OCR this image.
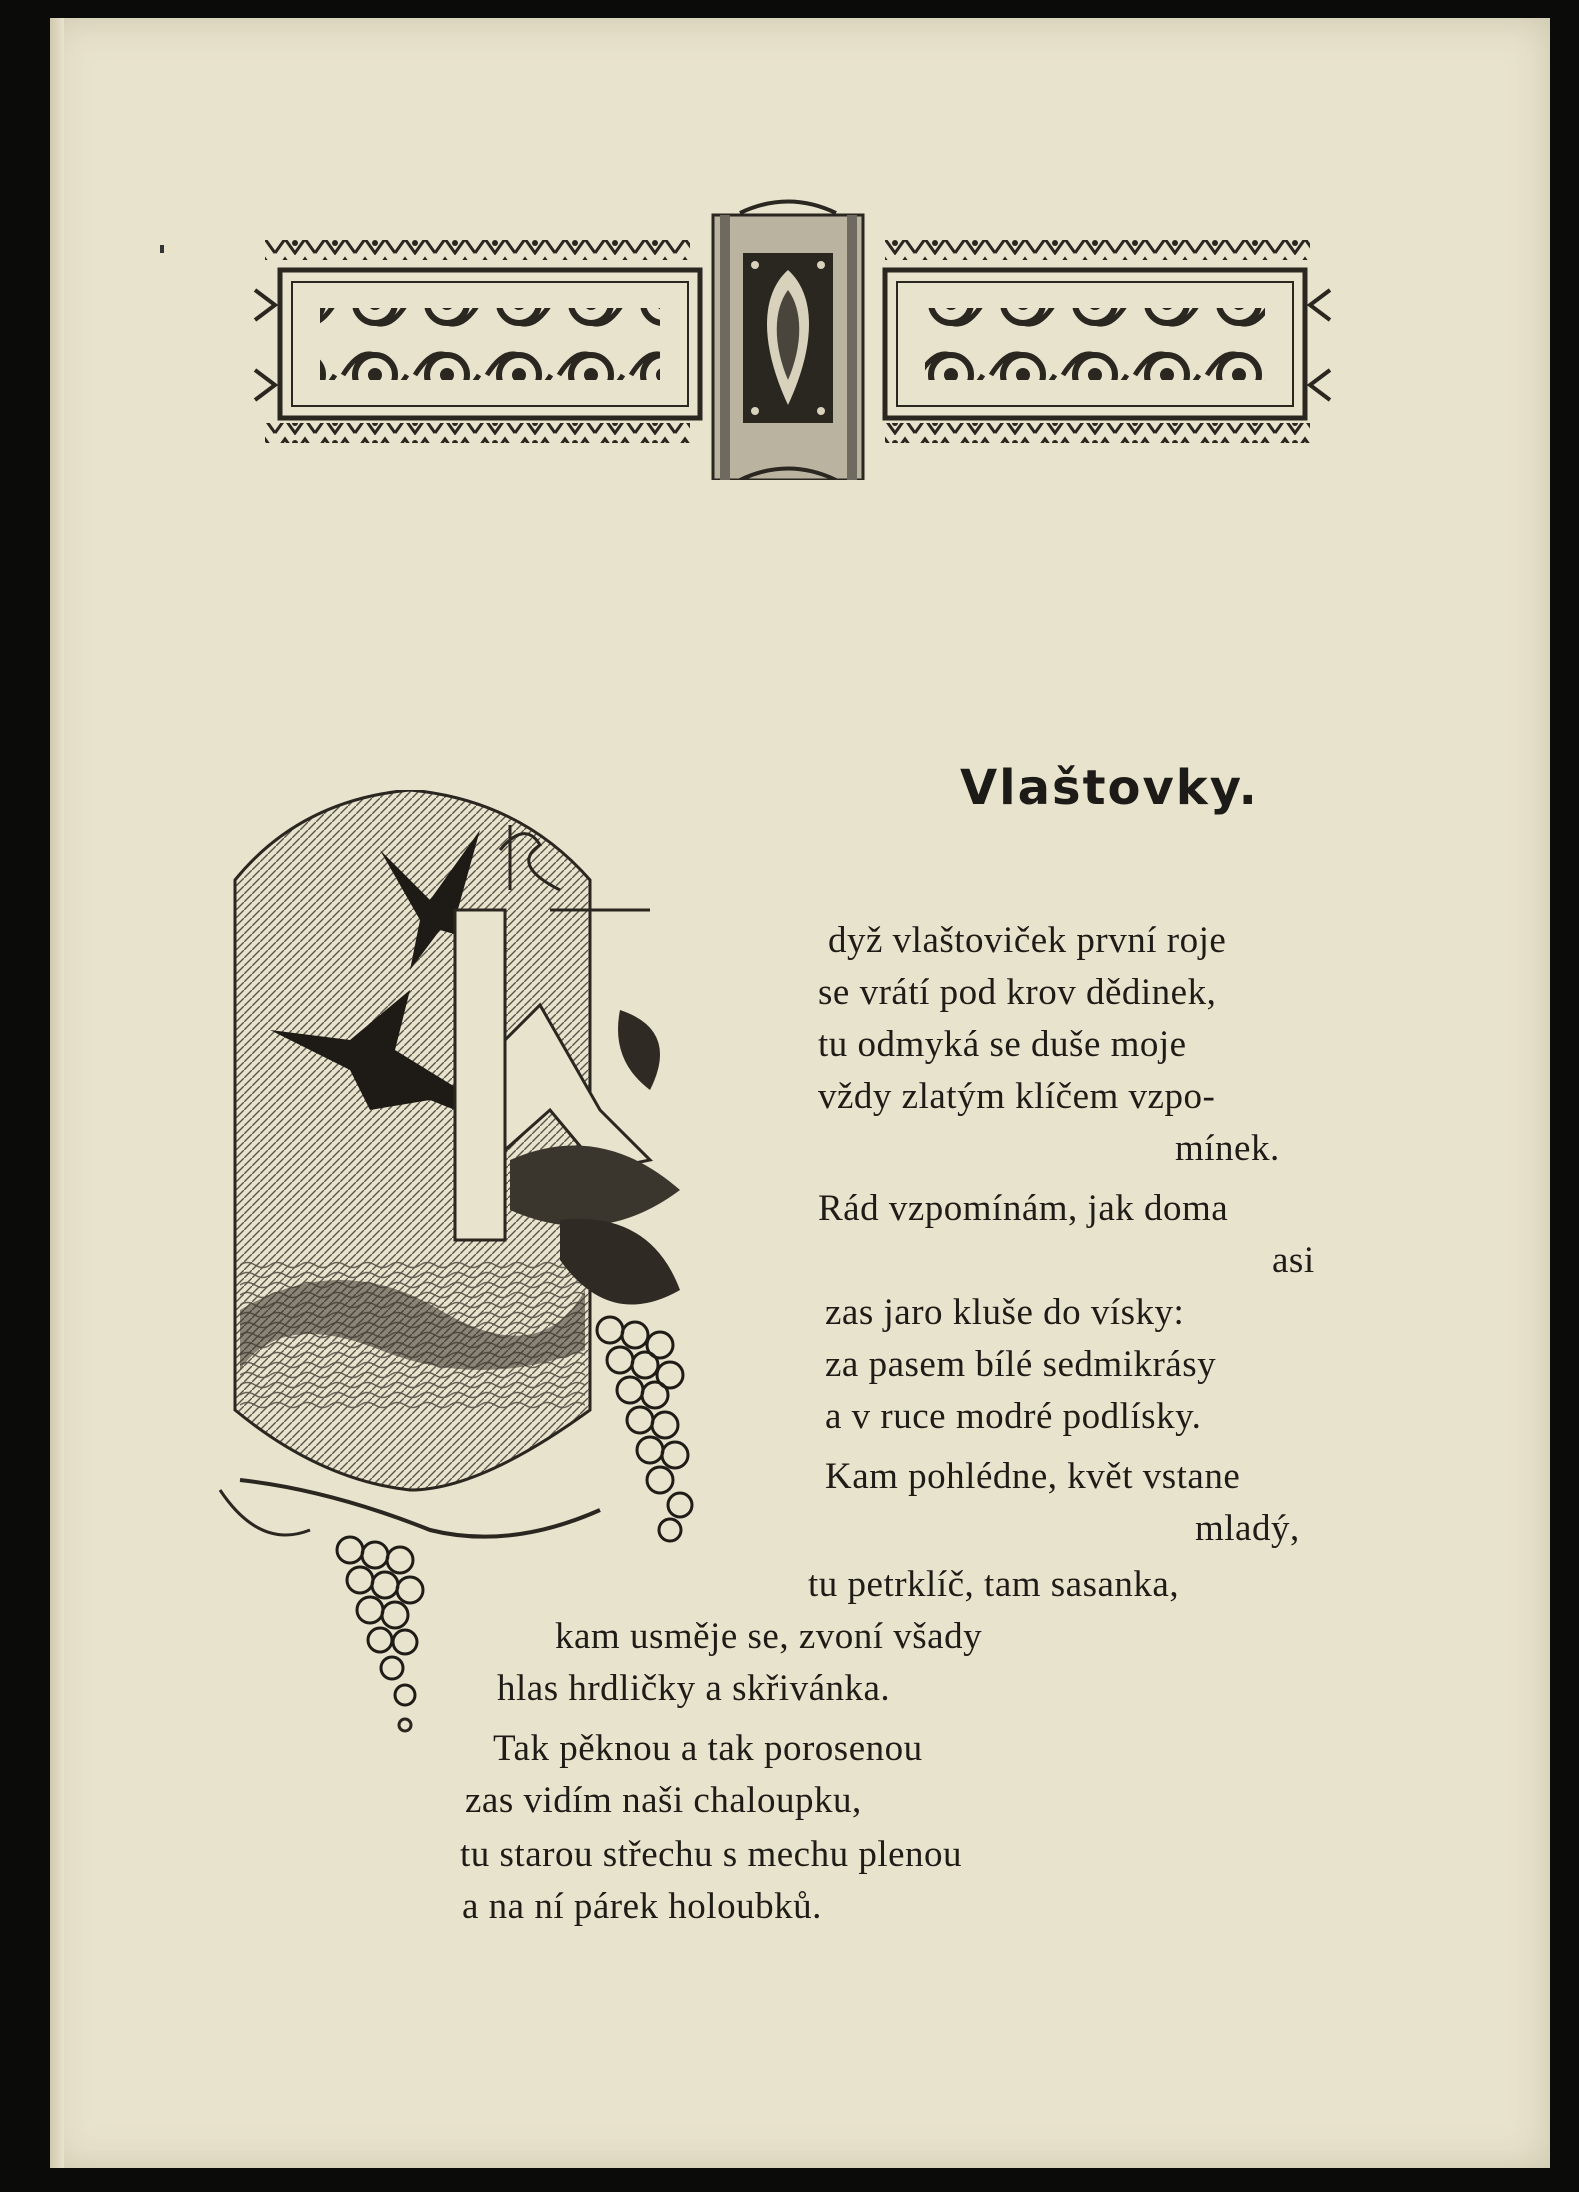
Vlaštovky.
dyž vlaštoviček první roje
se vrátí pod krov dědinek,
tu odmyká se duše moje
vždy zlatým klíčem vzpo-
mínek.
Rád vzpomínám, jak doma
asi
zas jaro kluše do vísky:
za pasem bílé sedmikrásy
a v ruce modré podlísky.
Kam pohlédne, květ vstane
mladý,
tu petrklíč, tam sasanka,
kam usměje se, zvoní všady
hlas hrdličky a skřivánka.
Tak pěknou a tak porosenou
zas vidím naši chaloupku,
tu starou střechu s mechu plenou
a na ní párek holoubků.
